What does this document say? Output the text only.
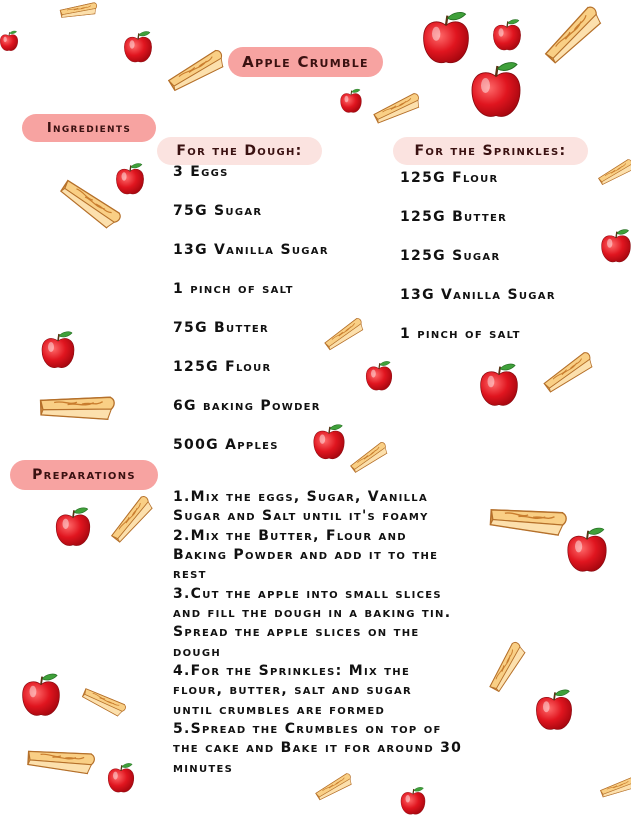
Apple Crumble
Ingredients
For the Dough:	For the Sprinkles:
3 Eggs
75G Sugar
13G Vanilla Sugar
1 pinch of salt
75G Butter
125G Flour
6G baking Powder
500G Apples
125G Flour
125G Butter
125G Sugar
13G Vanilla Sugar
1 pinch of salt
Preparations
1.Mix the eggs, Sugar, Vanilla
Sugar and Salt until it's foamy
2.Mix the Butter, Flour and
Baking Powder and add it to the
rest
3.Cut the apple into small slices
and fill the dough in a baking tin.
Spread the apple slices on the
dough
4.For the Sprinkles: Mix the
flour, butter, salt and sugar
until crumbles are formed
5.Spread the Crumbles on top of
the cake and Bake it for around 30
minutes
